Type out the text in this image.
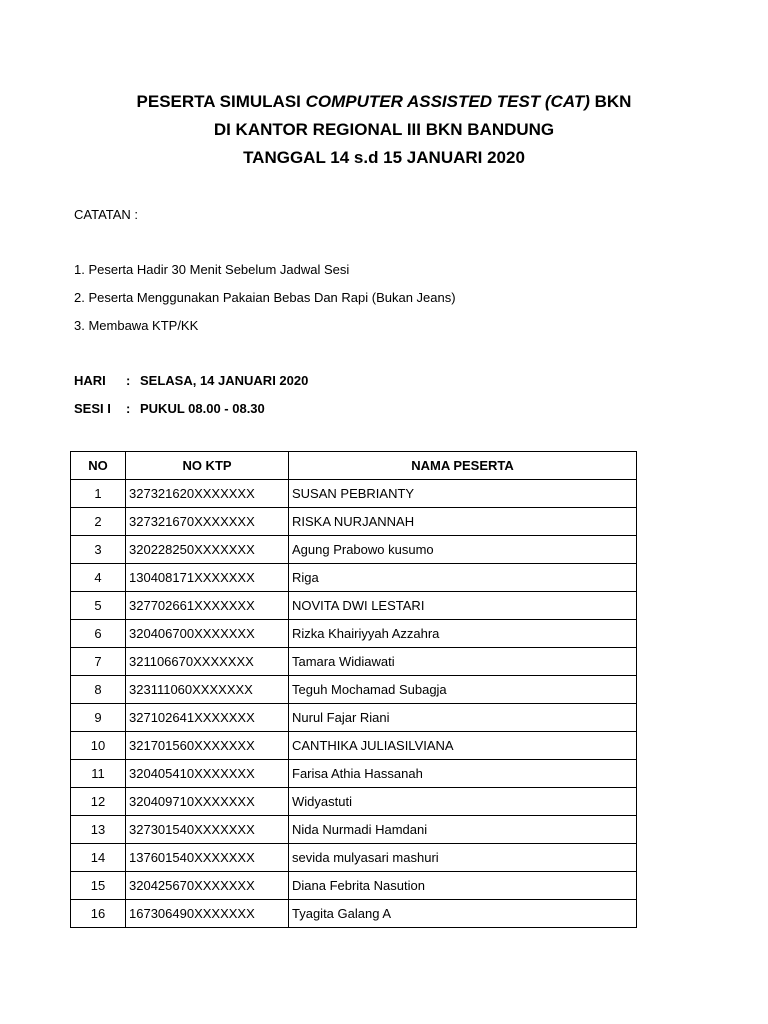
PESERTA SIMULASI COMPUTER ASSISTED TEST (CAT) BKN
DI KANTOR REGIONAL III BKN BANDUNG
TANGGAL 14 s.d 15 JANUARI 2020
CATATAN :
1. Peserta Hadir 30 Menit Sebelum Jadwal Sesi
2. Peserta Menggunakan Pakaian Bebas Dan Rapi (Bukan Jeans)
3. Membawa KTP/KK
HARI	: SELASA, 14 JANUARI 2020
SESI I	: PUKUL 08.00 - 08.30
NO	NO KTP	NAMA PESERTA
1	327321620XXXXXXX	SUSAN PEBRIANTY
2	327321670XXXXXXX	RISKA NURJANNAH
3	320228250XXXXXXX	Agung Prabowo kusumo
4	130408171XXXXXXX	Riga
5	327702661XXXXXXX	NOVITA DWI LESTARI
6	320406700XXXXXXX	Rizka Khairiyyah Azzahra
7	321106670XXXXXXX	Tamara Widiawati
8	323111060XXXXXXX	Teguh Mochamad Subagja
9	327102641XXXXXXX	Nurul Fajar Riani
10	321701560XXXXXXX	CANTHIKA JULIASILVIANA
11	320405410XXXXXXX	Farisa Athia Hassanah
12	320409710XXXXXXX	Widyastuti
13	327301540XXXXXXX	Nida Nurmadi Hamdani
14	137601540XXXXXXX	sevida mulyasari mashuri
15	320425670XXXXXXX	Diana Febrita Nasution
16	167306490XXXXXXX	Tyagita Galang A
